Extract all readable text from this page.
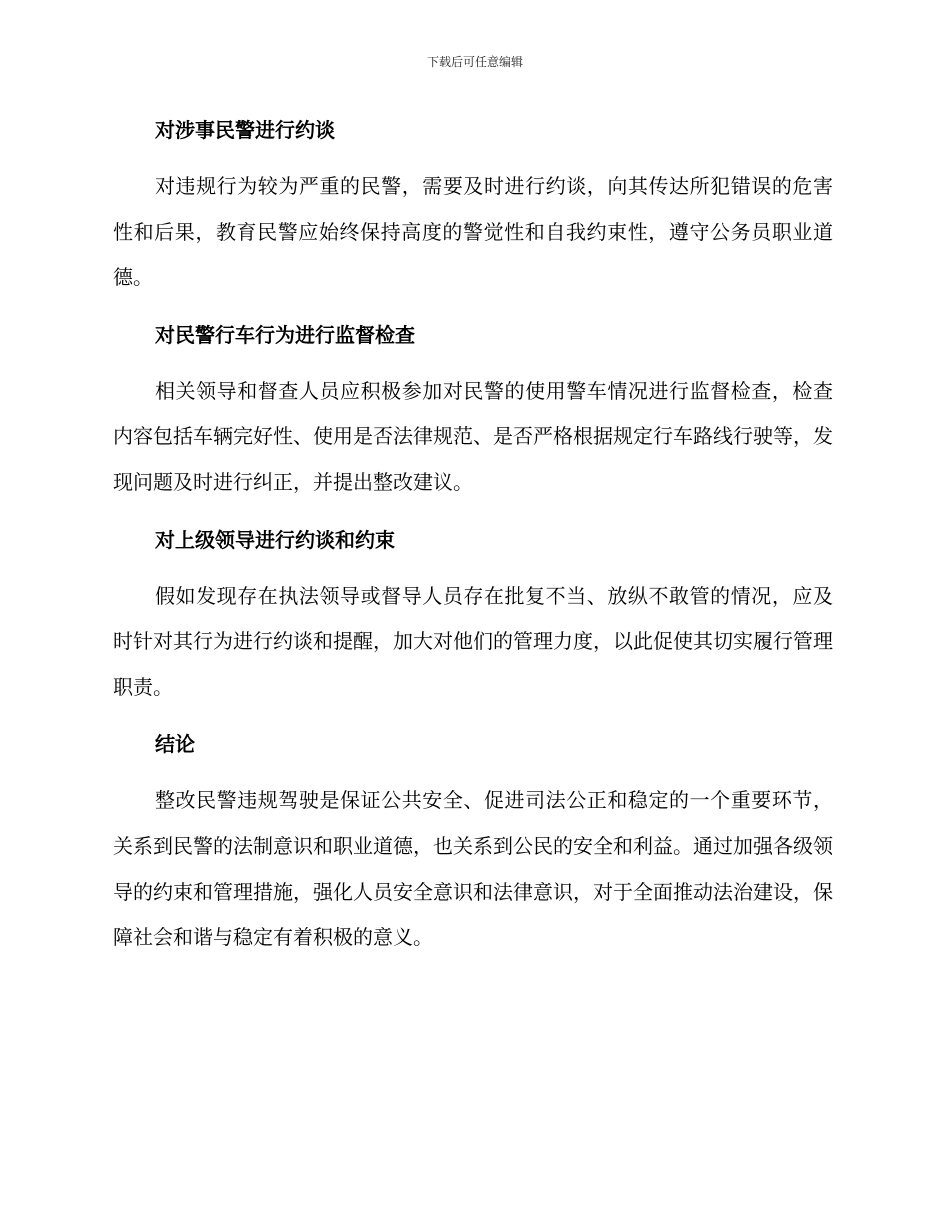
下载后可任意编辑
对涉事民警进行约谈
对违规行为较为严重的民警，需要及时进行约谈，向其传达所犯错误的危害性和后果，教育民警应始终保持高度的警觉性和自我约束性，遵守公务员职业道德。
对民警行车行为进行监督检查
相关领导和督查人员应积极参加对民警的使用警车情况进行监督检查，检查内容包括车辆完好性、使用是否法律规范、是否严格根据规定行车路线行驶等，发现问题及时进行纠正，并提出整改建议。
对上级领导进行约谈和约束
假如发现存在执法领导或督导人员存在批复不当、放纵不敢管的情况，应及时针对其行为进行约谈和提醒，加大对他们的管理力度，以此促使其切实履行管理职责。
结论
整改民警违规驾驶是保证公共安全、促进司法公正和稳定的一个重要环节，关系到民警的法制意识和职业道德，也关系到公民的安全和利益。通过加强各级领导的约束和管理措施，强化人员安全意识和法律意识，对于全面推动法治建设，保障社会和谐与稳定有着积极的意义。
